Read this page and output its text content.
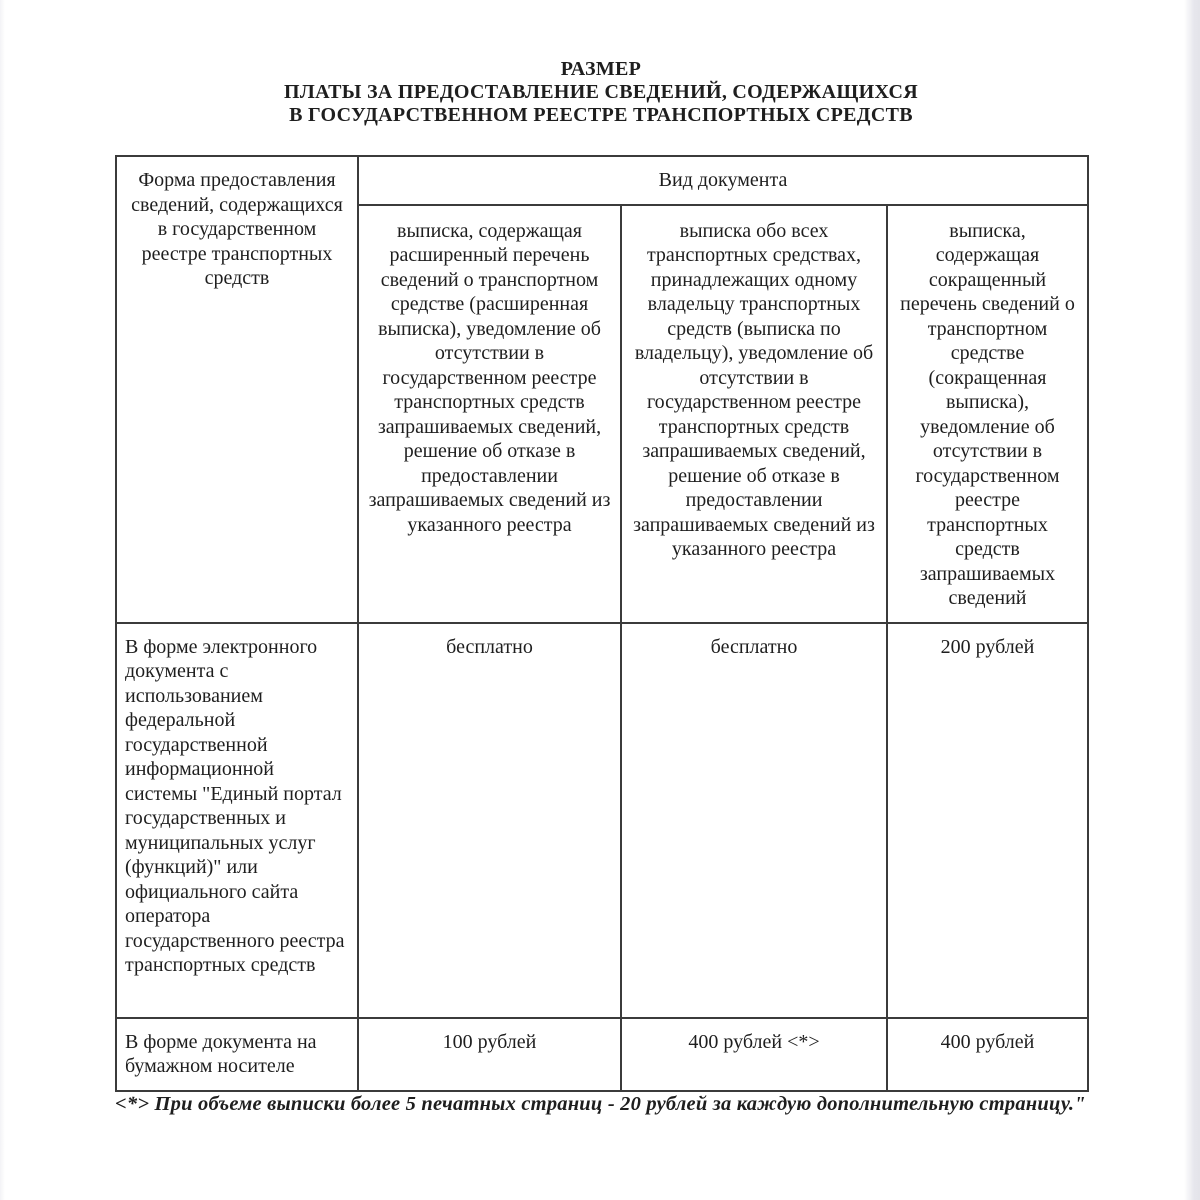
РАЗМЕР
ПЛАТЫ ЗА ПРЕДОСТАВЛЕНИЕ СВЕДЕНИЙ, СОДЕРЖАЩИХСЯ
В ГОСУДАРСТВЕННОМ РЕЕСТРЕ ТРАНСПОРТНЫХ СРЕДСТВ
Форма предоставления сведений, содержащихся в государственном реестре транспортных средств	Вид документа		
выписка, содержащая расширенный перечень сведений о транспортном средстве (расширенная выписка), уведомление об отсутствии в государственном реестре транспортных средств запрашиваемых сведений, решение об отказе в предоставлении запрашиваемых сведений из указанного реестра	выписка обо всех транспортных средствах, принадлежащих одному владельцу транспортных средств (выписка по владельцу), уведомление об отсутствии в государственном реестре транспортных средств запрашиваемых сведений, решение об отказе в предоставлении запрашиваемых сведений из указанного реестра	выписка, содержащая сокращенный перечень сведений о транспортном средстве (сокращенная выписка), уведомление об отсутствии в государственном реестре транспортных средств запрашиваемых сведений
В форме электронного документа с использованием федеральной государственной информационной системы "Единый портал государственных и муниципальных услуг (функций)" или официального сайта оператора государственного реестра транспортных средств	бесплатно	бесплатно	200 рублей
В форме документа на бумажном носителе	100 рублей	400 рублей <*>	400 рублей
<*> При объеме выписки более 5 печатных страниц - 20 рублей за каждую дополнительную страницу."
